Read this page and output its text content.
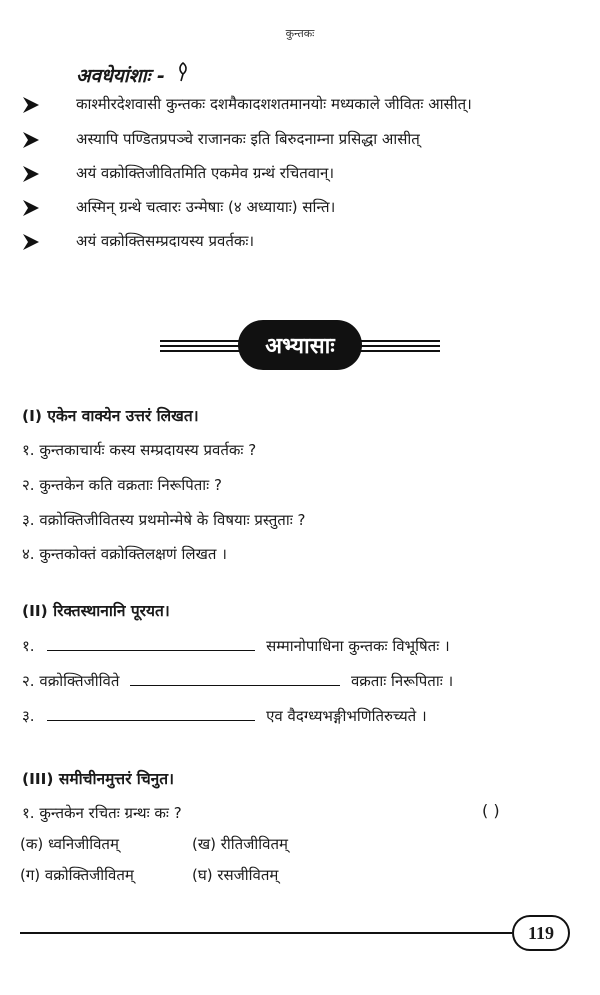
कुन्तकः
अवधेयांशाः -
काश्मीरदेशवासी कुन्तकः दशमैकादशशतमानयोः मध्यकाले जीवितः आसीत्।
अस्यापि पण्डितप्रपञ्चे राजानकः इति बिरुदनाम्ना प्रसिद्धा आसीत्
अयं वक्रोक्तिजीवितमिति एकमेव ग्रन्थं रचितवान्।
अस्मिन् ग्रन्थे चत्वारः उन्मेषाः (४ अध्यायाः) सन्ति।
अयं वक्रोक्तिसम्प्रदायस्य प्रवर्तकः।
अभ्यासाः
(I) एकेन वाक्येन उत्तरं लिखत।
१. कुन्तकाचार्यः कस्य सम्प्रदायस्य प्रवर्तकः ?
२. कुन्तकेन कति वक्रताः निरूपिताः ?
३. वक्रोक्तिजीवितस्य प्रथमोन्मेषे के विषयाः प्रस्तुताः ?
४. कुन्तकोक्तं वक्रोक्तिलक्षणं लिखत ।
(II) रिक्तस्थानानि पूरयत।
१.	सम्मानोपाधिना कुन्तकः विभूषितः ।
२. वक्रोक्तिजीविते	वक्रताः निरूपिताः ।
३.	एव वैदग्ध्यभङ्गीभणितिरुच्यते ।
(III) समीचीनमुत्तरं चिनुत।
१. कुन्तकेन रचितः ग्रन्थः कः ?	( )
(क) ध्वनिजीवितम्	(ख) रीतिजीवितम्
(ग) वक्रोक्तिजीवितम्	(घ) रसजीवितम्
119
